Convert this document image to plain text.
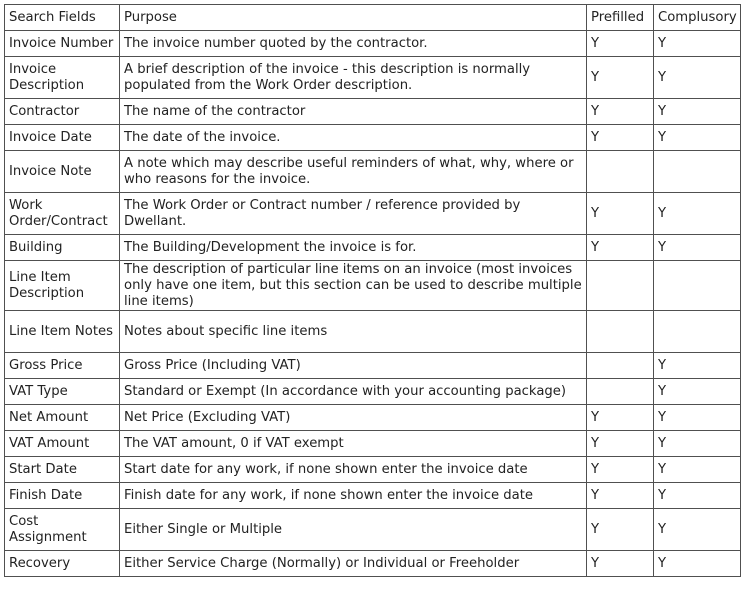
Search Fields	Purpose	Prefilled	Complusory
Invoice Number	The invoice number quoted by the contractor.	Y	Y
Invoice Description	A brief description of the invoice - this description is normally populated from the Work Order description.	Y	Y
Contractor	The name of the contractor	Y	Y
Invoice Date	The date of the invoice.	Y	Y
Invoice Note	A note which may describe useful reminders of what, why, where or who reasons for the invoice.		
Work Order/Contract	The Work Order or Contract number / reference provided by Dwellant.	Y	Y
Building	The Building/Development the invoice is for.	Y	Y
Line Item Description	The description of particular line items on an invoice (most invoices only have one item, but this section can be used to describe multiple line items)		
Line Item Notes	Notes about specific line items		
Gross Price	Gross Price (Including VAT)		Y
VAT Type	Standard or Exempt (In accordance with your accounting package)		Y
Net Amount	Net Price (Excluding VAT)	Y	Y
VAT Amount	The VAT amount, 0 if VAT exempt	Y	Y
Start Date	Start date for any work, if none shown enter the invoice date	Y	Y
Finish Date	Finish date for any work, if none shown enter the invoice date	Y	Y
Cost Assignment	Either Single or Multiple	Y	Y
Recovery	Either Service Charge (Normally) or Individual or Freeholder	Y	Y
